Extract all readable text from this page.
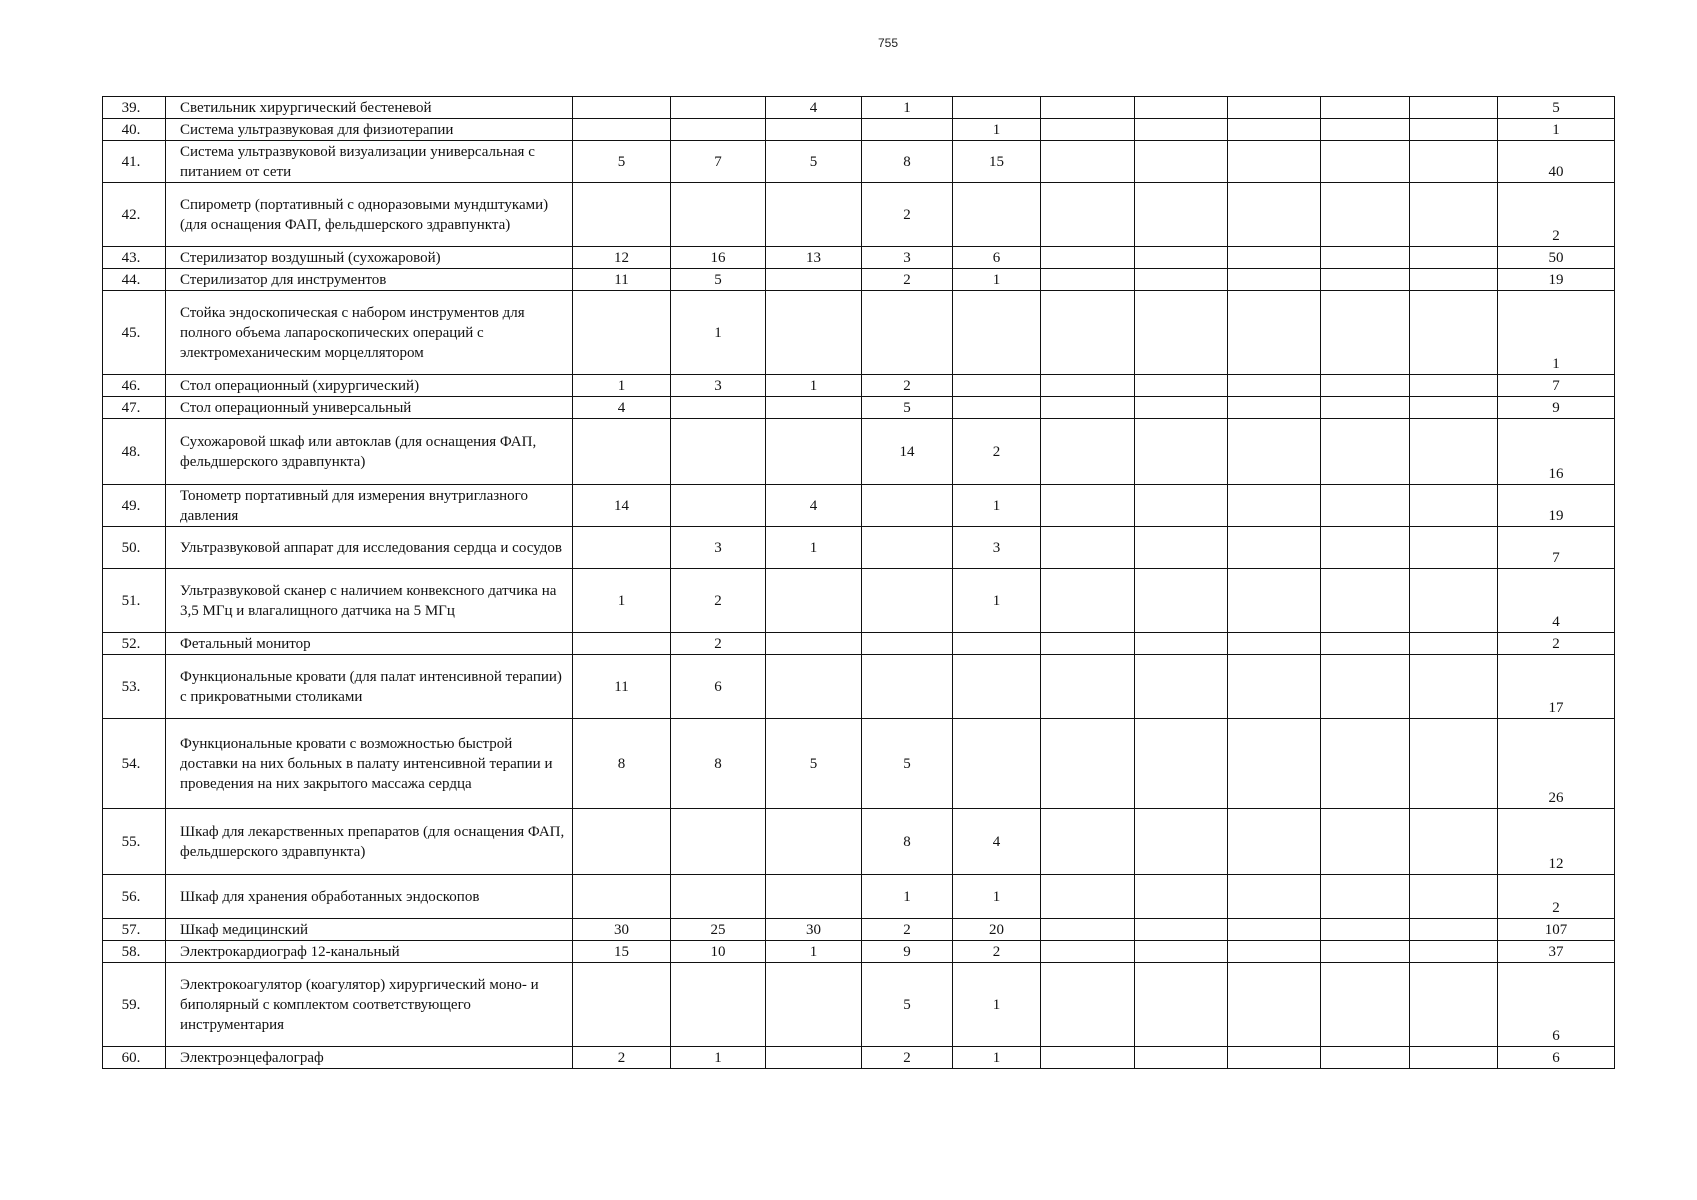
755
39.	Светильник хирургический бестеневой			4	1							5
40.	Система ультразвуковая для физиотерапии					1						1
41.	Система ультразвуковой визуализации универсальная с питанием от сети	5	7	5	8	15						40
42.	Спирометр (портативный с одноразовыми мундштуками) (для оснащения ФАП, фельдшерского здравпункта)				2							2
43.	Стерилизатор воздушный (сухожаровой)	12	16	13	3	6						50
44.	Стерилизатор для инструментов	11	5		2	1						19
45.	Стойка эндоскопическая с набором инструментов для полного объема лапароскопических операций с электромеханическим морцеллятором		1									1
46.	Стол операционный (хирургический)	1	3	1	2							7
47.	Стол операционный универсальный	4			5							9
48.	Сухожаровой шкаф или автоклав (для оснащения ФАП, фельдшерского здравпункта)				14	2						16
49.	Тонометр портативный для измерения внутриглазного давления	14		4		1						19
50.	Ультразвуковой аппарат для исследования сердца и сосудов		3	1		3						7
51.	Ультразвуковой сканер с наличием конвексного датчика на 3,5 МГц и влагалищного датчика на 5 МГц	1	2			1						4
52.	Фетальный монитор		2									2
53.	Функциональные кровати (для палат интенсивной терапии) с прикроватными столиками	11	6									17
54.	Функциональные кровати с возможностью быстрой доставки на них больных в палату интенсивной терапии и проведения на них закрытого массажа сердца	8	8	5	5							26
55.	Шкаф для лекарственных препаратов (для оснащения ФАП, фельдшерского здравпункта)				8	4						12
56.	Шкаф для хранения обработанных эндоскопов				1	1						2
57.	Шкаф медицинский	30	25	30	2	20						107
58.	Электрокардиограф 12-канальный	15	10	1	9	2						37
59.	Электрокоагулятор (коагулятор) хирургический моно- и биполярный с комплектом соответствующего инструментария				5	1						6
60.	Электроэнцефалограф	2	1		2	1						6
